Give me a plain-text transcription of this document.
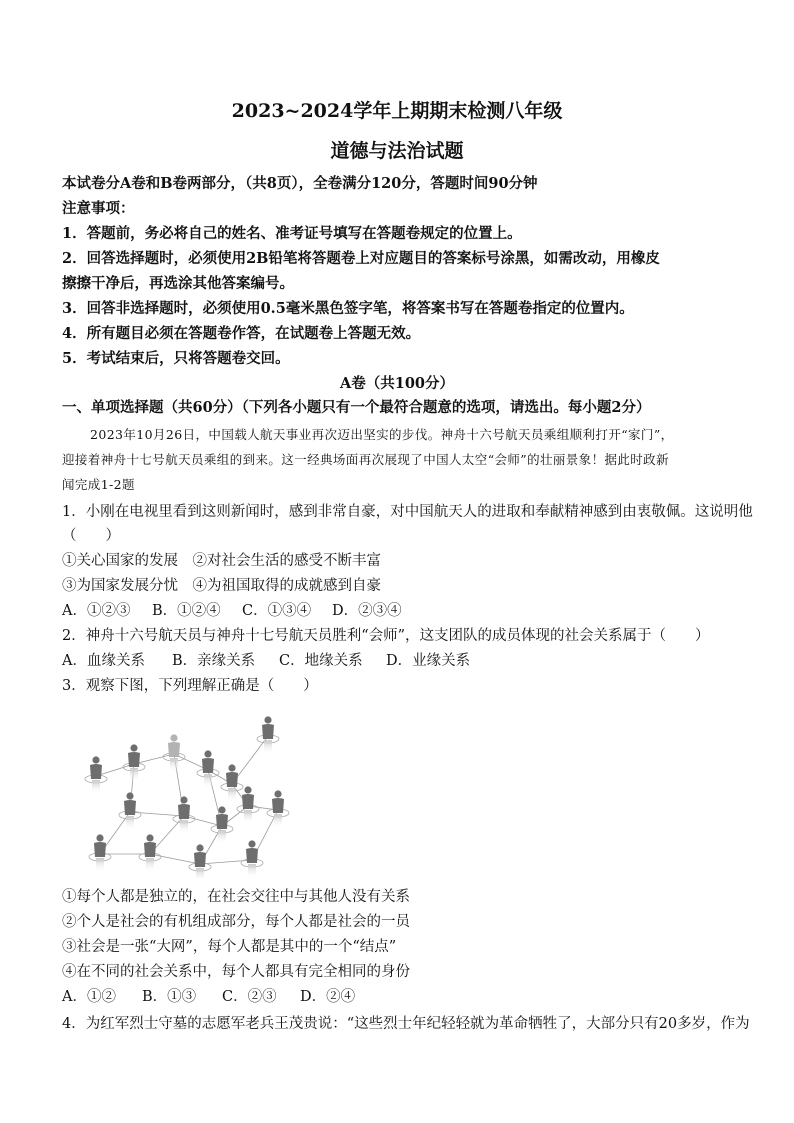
2023~2024学年上期期末检测八年级
道德与法治试题
本试卷分A卷和B卷两部分，（共8页），全卷满分120分，答题时间90分钟
注意事项：
1．答题前，务必将自己的姓名、准考证号填写在答题卷规定的位置上。
2．回答选择题时，必须使用2B铅笔将答题卷上对应题目的答案标号涂黑，如需改动，用橡皮
擦擦干净后，再选涂其他答案编号。
3．回答非选择题时，必须使用0.5毫米黑色签字笔，将答案书写在答题卷指定的位置内。
4．所有题目必须在答题卷作答，在试题卷上答题无效。
5．考试结束后，只将答题卷交回。
A卷（共100分）
一、单项选择题（共60分）（下列各小题只有一个最符合题意的选项，请选出。每小题2分）
2023年10月26日，中国载人航天事业再次迈出坚实的步伐。神舟十六号航天员乘组顺利打开“家门”，
迎接着神舟十七号航天员乘组的到来。这一经典场面再次展现了中国人太空“会师”的壮丽景象！据此时政新
闻完成1-2题
1．小刚在电视里看到这则新闻时，感到非常自豪，对中国航天人的进取和奉献精神感到由衷敬佩。这说明他
（　　）
①关心国家的发展　②对社会生活的感受不断丰富
③为国家发展分忧　④为祖国取得的成就感到自豪
A．①②③ B．①②④ C．①③④ D．②③④
2．神舟十六号航天员与神舟十七号航天员胜利“会师”，这支团队的成员体现的社会关系属于（　　）
A．血缘关系 B．亲缘关系 C．地缘关系 D．业缘关系
3．观察下图，下列理解正确是（　　）
①每个人都是独立的，在社会交往中与其他人没有关系
②个人是社会的有机组成部分，每个人都是社会的一员
③社会是一张“大网”，每个人都是其中的一个“结点”
④在不同的社会关系中，每个人都具有完全相同的身份
A．①② B．①③ C．②③ D．②④
4．为红军烈士守墓的志愿军老兵王茂贵说：“这些烈士年纪轻轻就为革命牺牲了，大部分只有20多岁，作为
